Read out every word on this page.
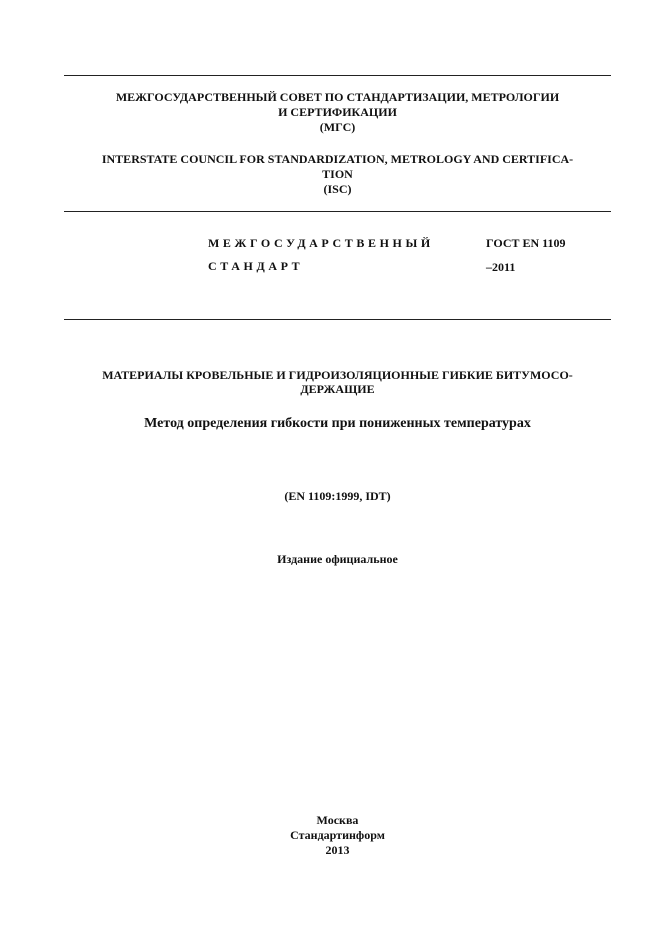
МЕЖГОСУДАРСТВЕННЫЙ СОВЕТ ПО СТАНДАРТИЗАЦИИ, МЕТРОЛОГИИ
И СЕРТИФИКАЦИИ
(МГС)
INTERSTATE COUNCIL FOR STANDARDIZATION, METROLOGY AND CERTIFICA-
TION
(ISC)
МЕЖГОСУДАРСТВЕННЫЙ
СТАНДАРТ
ГОСТ EN 1109
–2011
МАТЕРИАЛЫ КРОВЕЛЬНЫЕ И ГИДРОИЗОЛЯЦИОННЫЕ ГИБКИЕ БИТУМОСО-
ДЕРЖАЩИЕ
Метод определения гибкости при пониженных температурах
(EN 1109:1999, IDT)
Издание официальное
Москва
Стандартинформ
2013
